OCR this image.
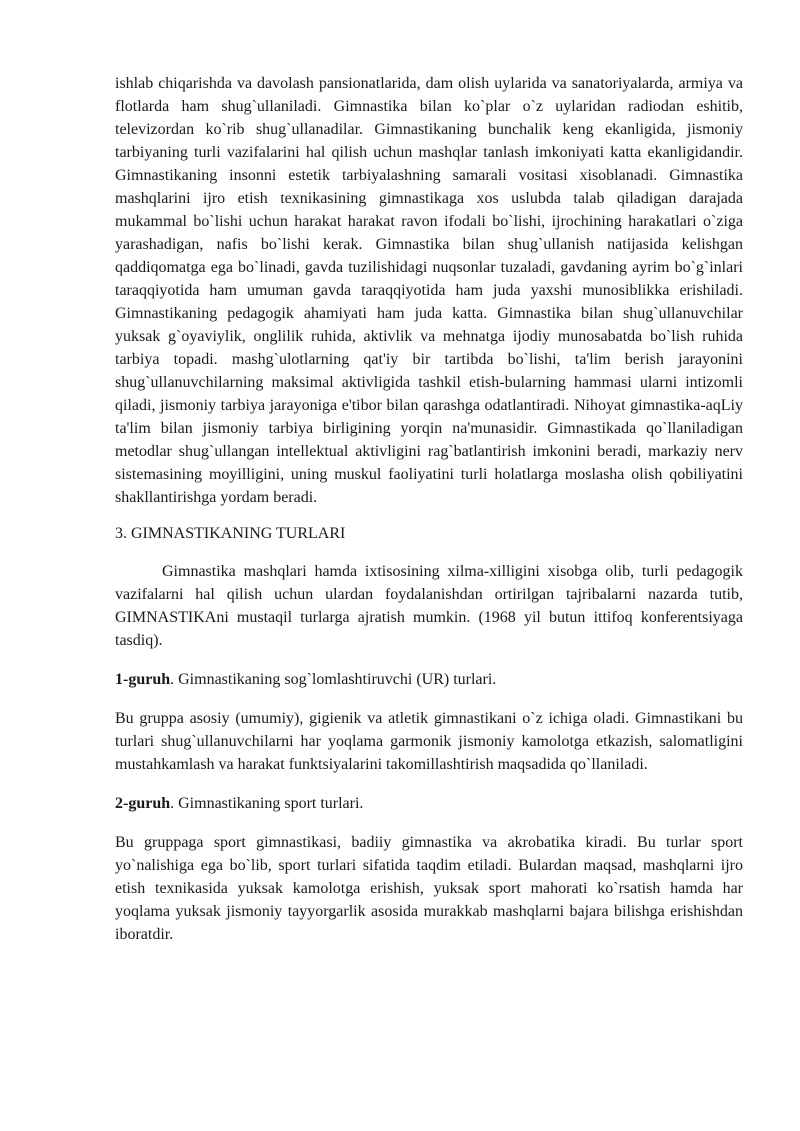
ishlab chiqarishda va davolash pansionatlarida, dam olish uylarida va sanatoriyalarda, armiya va flotlarda ham shug`ullaniladi. Gimnastika bilan ko`plar o`z uylaridan radiodan eshitib, televizordan ko`rib shug`ullanadilar. Gimnastikaning bunchalik keng ekanligida, jismoniy tarbiyaning turli vazifalarini hal qilish uchun mashqlar tanlash imkoniyati katta ekanligidandir. Gimnastikaning insonni estetik tarbiyalashning samarali vositasi xisoblanadi. Gimnastika mashqlarini ijro etish texnikasining gimnastikaga xos uslubda talab qiladigan darajada mukammal bo`lishi uchun harakat harakat ravon ifodali bo`lishi, ijrochining harakatlari o`ziga yarashadigan, nafis bo`lishi kerak. Gimnastika bilan shug`ullanish natijasida kelishgan qaddiqomatga ega bo`linadi, gavda tuzilishidagi nuqsonlar tuzaladi, gavdaning ayrim bo`g`inlari taraqqiyotida ham umuman gavda taraqqiyotida ham juda yaxshi munosiblikka erishiladi. Gimnastikaning pedagogik ahamiyati ham juda katta. Gimnastika bilan shug`ullanuvchilar yuksak g`oyaviylik, onglilik ruhida, aktivlik va mehnatga ijodiy munosabatda bo`lish ruhida tarbiya topadi. mashg`ulotlarning qat'iy bir tartibda bo`lishi, ta'lim berish jarayonini shug`ullanuvchilarning maksimal aktivligida tashkil etish-bularning hammasi ularni intizomli qiladi, jismoniy tarbiya jarayoniga e'tibor bilan qarashga odatlantiradi. Nihoyat gimnastika-aqLiy ta'lim bilan jismoniy tarbiya birligining yorqin na'munasidir. Gimnastikada qo`llaniladigan metodlar shug`ullangan intellektual aktivligini rag`batlantirish imkonini beradi, markaziy nerv sistemasining moyilligini, uning muskul faoliyatini turli holatlarga moslasha olish qobiliyatini shakllantirishga yordam beradi.

3. GIMNASTIKANING TURLARI

Gimnastika mashqlari hamda ixtisosining xilma-xilligini xisobga olib, turli pedagogik vazifalarni hal qilish uchun ulardan foydalanishdan ortirilgan tajribalarni nazarda tutib, GIMNASTIKAni mustaqil turlarga ajratish mumkin. (1968 yil butun ittifoq konferentsiyaga tasdiq).

1-guruh. Gimnastikaning sog`lomlashtiruvchi (UR) turlari.

Bu gruppa asosiy (umumiy), gigienik va atletik gimnastikani o`z ichiga oladi. Gimnastikani bu turlari shug`ullanuvchilarni har yoqlama garmonik jismoniy kamolotga etkazish, salomatligini mustahkamlash va harakat funktsiyalarini takomillashtirish maqsadida qo`llaniladi.

2-guruh. Gimnastikaning sport turlari.

Bu gruppaga sport gimnastikasi, badiiy gimnastika va akrobatika kiradi. Bu turlar sport yo`nalishiga ega bo`lib, sport turlari sifatida taqdim etiladi. Bulardan maqsad, mashqlarni ijro etish texnikasida yuksak kamolotga erishish, yuksak sport mahorati ko`rsatish hamda har yoqlama yuksak jismoniy tayyorgarlik asosida murakkab mashqlarni bajara bilishga erishishdan iboratdir.
